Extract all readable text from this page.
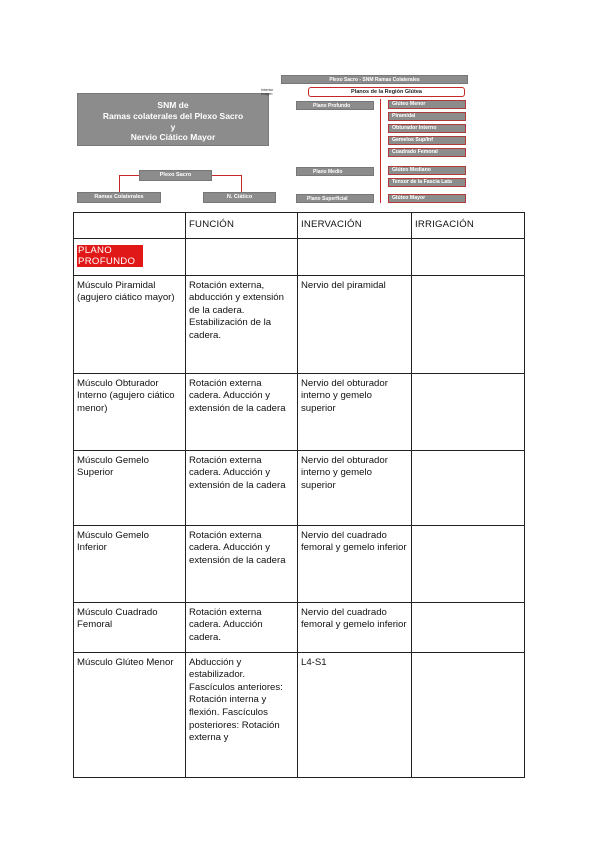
SNM de
Ramas colaterales del Plexo Sacro
y
Nervio Ciático Mayor
Insertar
imagen
Plexo Sacro
Ramas Colaterales	N. Ciático
Plexo Sacro - SNM Ramas Colaterales
Planos de la Región Glútea
Plano Profundo
Plano Medio
Plano Superficial
Glúteo Menor
Piramidal
Obturador Interno
Gemelos Sup/Inf
Cuadrado Femoral
Glúteo Mediano
Tensor de la Fascia Lata
Glúteo Mayor
	FUNCIÓN	INERVACIÓN	IRRIGACIÓN
PLANO PROFUNDO			
Músculo Piramidal (agujero ciático mayor)	Rotación externa, abducción y extensión de la cadera. Estabilización de la cadera.	Nervio del piramidal	
Músculo Obturador Interno (agujero ciático menor)	Rotación externa cadera. Aducción y extensión de la cadera	Nervio del obturador interno y gemelo superior	
Músculo Gemelo Superior	Rotación externa cadera. Aducción y extensión de la cadera	Nervio del obturador interno y gemelo superior	
Músculo Gemelo Inferior	Rotación externa cadera. Aducción y extensión de la cadera	Nervio del cuadrado femoral y gemelo inferior	
Músculo Cuadrado Femoral	Rotación externa cadera. Aducción cadera.	Nervio del cuadrado femoral y gemelo inferior	
Músculo Glúteo Menor	Abducción y estabilizador. Fascículos anteriores: Rotación interna y flexión. Fascículos posteriores: Rotación externa y	L4-S1	
